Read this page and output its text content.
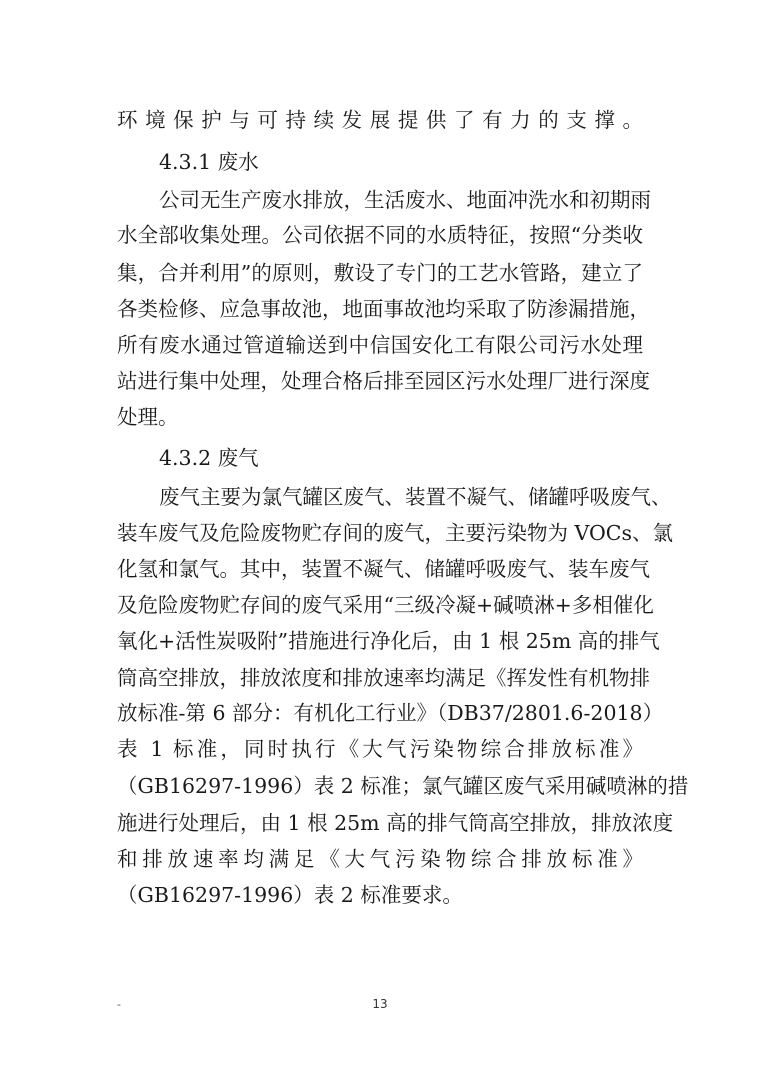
环境保护与可持续发展提供了有力的支撑。
4.3.1 废水
公司无生产废水排放，生活废水、地面冲洗水和初期雨
水全部收集处理。公司依据不同的水质特征，按照“分类收
集，合并利用”的原则，敷设了专门的工艺水管路，建立了
各类检修、应急事故池，地面事故池均采取了防渗漏措施，
所有废水通过管道输送到中信国安化工有限公司污水处理
站进行集中处理，处理合格后排至园区污水处理厂进行深度
处理。
4.3.2 废气
废气主要为氯气罐区废气、装置不凝气、储罐呼吸废气、
装车废气及危险废物贮存间的废气，主要污染物为 VOCs、氯
化氢和氯气。其中，装置不凝气、储罐呼吸废气、装车废气
及危险废物贮存间的废气采用“三级冷凝+碱喷淋+多相催化
氧化+活性炭吸附”措施进行净化后，由 1 根 25m 高的排气
筒高空排放，排放浓度和排放速率均满足《挥发性有机物排
放标准-第 6 部分：有机化工行业》（DB37/2801.6-2018）
表 1 标准，同时执行《大气污染物综合排放标准》
（GB16297-1996）表 2 标准；氯气罐区废气采用碱喷淋的措
施进行处理后，由 1 根 25m 高的排气筒高空排放，排放浓度
和排放速率均满足《大气污染物综合排放标准》
（GB16297-1996）表 2 标准要求。
-	13
